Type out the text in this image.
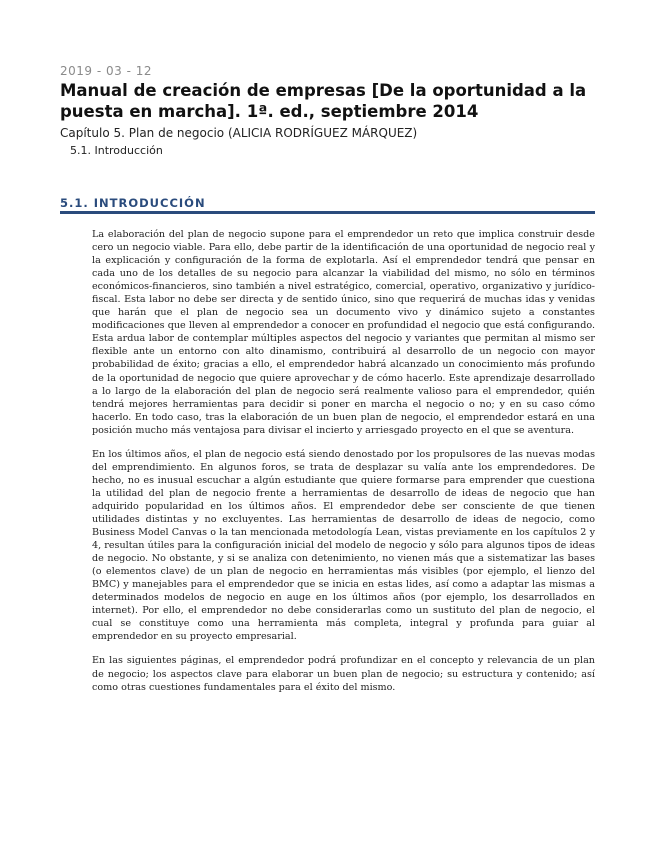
2019 - 03 - 12
Manual de creación de empresas [De la oportunidad a la puesta en marcha]. 1ª. ed., septiembre 2014
Capítulo 5. Plan de negocio (ALICIA RODRÍGUEZ MÁRQUEZ)
5.1. Introducción
5.1. INTRODUCCIÓN

La elaboración del plan de negocio supone para el emprendedor un reto que implica construir desde cero un negocio viable. Para ello, debe partir de la identificación de una oportunidad de negocio real y la explicación y configuración de la forma de explotarla. Así el emprendedor tendrá que pensar en cada uno de los detalles de su negocio para alcanzar la viabilidad del mismo, no sólo en términos económicos-financieros, sino también a nivel estratégico, comercial, operativo, organizativo y jurídico-fiscal. Esta labor no debe ser directa y de sentido único, sino que requerirá de muchas idas y venidas que harán que el plan de negocio sea un documento vivo y dinámico sujeto a constantes modificaciones que lleven al emprendedor a conocer en profundidad el negocio que está configurando. Esta ardua labor de contemplar múltiples aspectos del negocio y variantes que permitan al mismo ser flexible ante un entorno con alto dinamismo, contribuirá al desarrollo de un negocio con mayor probabilidad de éxito; gracias a ello, el emprendedor habrá alcanzado un conocimiento más profundo de la oportunidad de negocio que quiere aprovechar y de cómo hacerlo. Este aprendizaje desarrollado a lo largo de la elaboración del plan de negocio será realmente valioso para el emprendedor, quién tendrá mejores herramientas para decidir si poner en marcha el negocio o no; y en su caso cómo hacerlo. En todo caso, tras la elaboración de un buen plan de negocio, el emprendedor estará en una posición mucho más ventajosa para divisar el incierto y arriesgado proyecto en el que se aventura.

En los últimos años, el plan de negocio está siendo denostado por los propulsores de las nuevas modas del emprendimiento. En algunos foros, se trata de desplazar su valía ante los emprendedores. De hecho, no es inusual escuchar a algún estudiante que quiere formarse para emprender que cuestiona la utilidad del plan de negocio frente a herramientas de desarrollo de ideas de negocio que han adquirido popularidad en los últimos años. El emprendedor debe ser consciente de que tienen utilidades distintas y no excluyentes. Las herramientas de desarrollo de ideas de negocio, como Business Model Canvas o la tan mencionada metodología Lean, vistas previamente en los capítulos 2 y 4, resultan útiles para la configuración inicial del modelo de negocio y sólo para algunos tipos de ideas de negocio. No obstante, y si se analiza con detenimiento, no vienen más que a sistematizar las bases (o elementos clave) de un plan de negocio en herramientas más visibles (por ejemplo, el lienzo del BMC) y manejables para el emprendedor que se inicia en estas lides, así como a adaptar las mismas a determinados modelos de negocio en auge en los últimos años (por ejemplo, los desarrollados en internet). Por ello, el emprendedor no debe considerarlas como un sustituto del plan de negocio, el cual se constituye como una herramienta más completa, integral y profunda para guiar al emprendedor en su proyecto empresarial.

En las siguientes páginas, el emprendedor podrá profundizar en el concepto y relevancia de un plan de negocio; los aspectos clave para elaborar un buen plan de negocio; su estructura y contenido; así como otras cuestiones fundamentales para el éxito del mismo.
